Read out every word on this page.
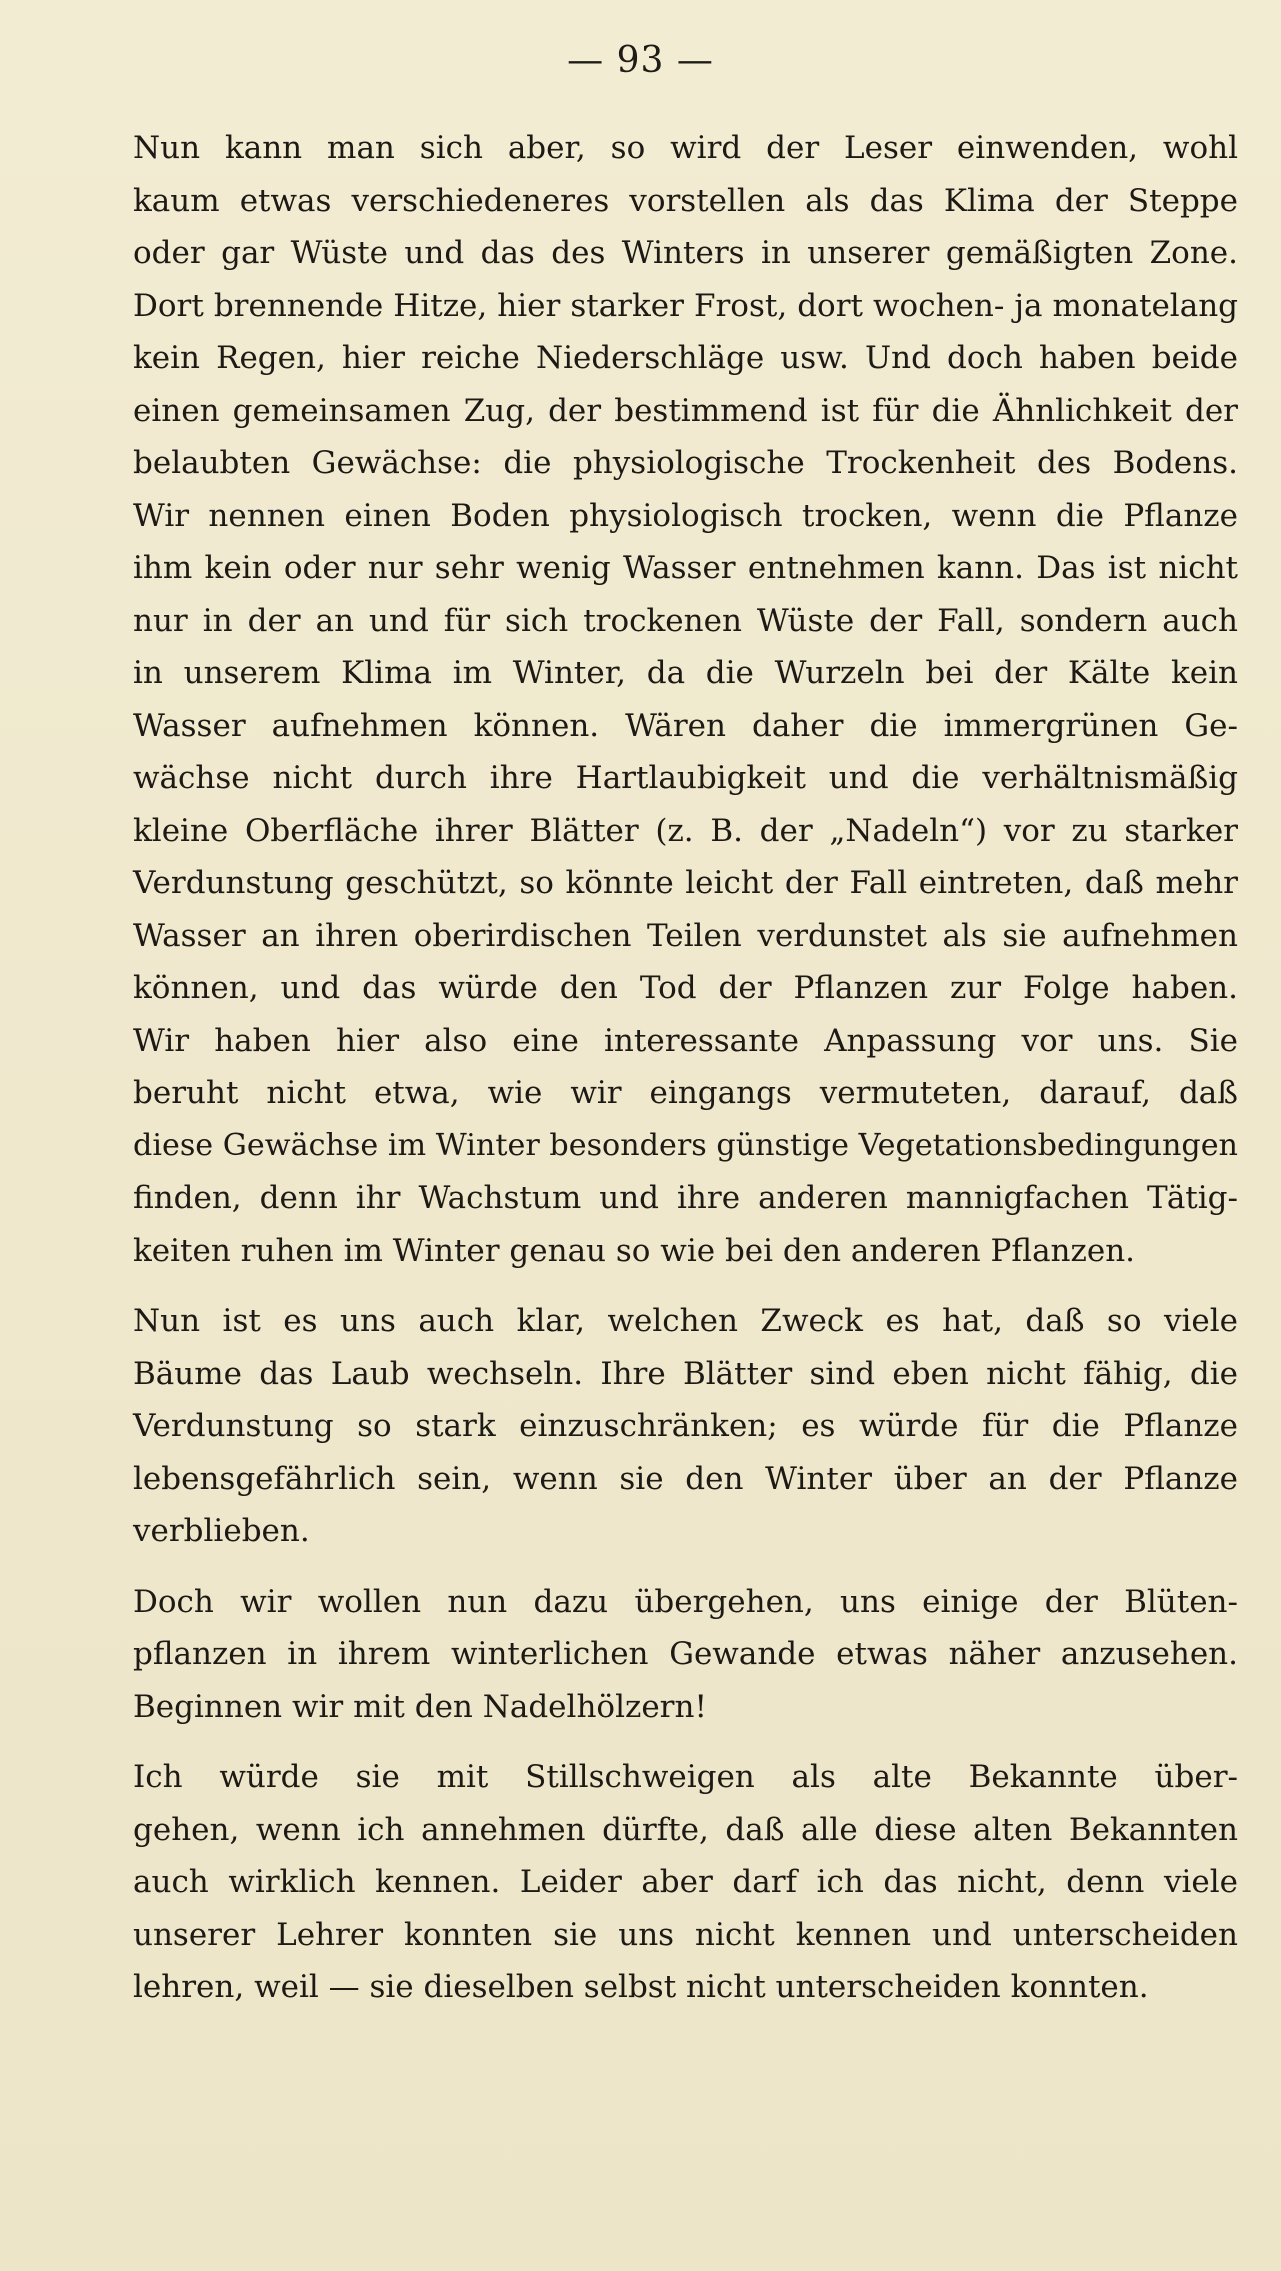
— 93 —
Nun kann man sich aber, so wird der Leser einwenden, wohl
kaum etwas verschiedeneres vorstellen als das Klima der Steppe
oder gar Wüste und das des Winters in unserer gemäßigten Zone.
Dort brennende Hitze, hier starker Frost, dort wochen- ja monatelang
kein Regen, hier reiche Niederschläge usw. Und doch haben beide
einen gemeinsamen Zug, der bestimmend ist für die Ähnlichkeit der
belaubten Gewächse: die physiologische Trockenheit des Bodens.
Wir nennen einen Boden physiologisch trocken, wenn die Pflanze
ihm kein oder nur sehr wenig Wasser entnehmen kann. Das ist nicht
nur in der an und für sich trockenen Wüste der Fall, sondern auch
in unserem Klima im Winter, da die Wurzeln bei der Kälte kein
Wasser aufnehmen können. Wären daher die immergrünen Ge-
wächse nicht durch ihre Hartlaubigkeit und die verhältnismäßig
kleine Oberfläche ihrer Blätter (z. B. der „Nadeln“) vor zu starker
Verdunstung geschützt, so könnte leicht der Fall eintreten, daß mehr
Wasser an ihren oberirdischen Teilen verdunstet als sie aufnehmen
können, und das würde den Tod der Pflanzen zur Folge haben.
Wir haben hier also eine interessante Anpassung vor uns. Sie
beruht nicht etwa, wie wir eingangs vermuteten, darauf, daß
diese Gewächse im Winter besonders günstige Vegetationsbedingungen
finden, denn ihr Wachstum und ihre anderen mannigfachen Tätig-
keiten ruhen im Winter genau so wie bei den anderen Pflanzen.
Nun ist es uns auch klar, welchen Zweck es hat, daß so viele
Bäume das Laub wechseln. Ihre Blätter sind eben nicht fähig, die
Verdunstung so stark einzuschränken; es würde für die Pflanze
lebensgefährlich sein, wenn sie den Winter über an der Pflanze
verblieben.
Doch wir wollen nun dazu übergehen, uns einige der Blüten-
pflanzen in ihrem winterlichen Gewande etwas näher anzusehen.
Beginnen wir mit den Nadelhölzern!
Ich würde sie mit Stillschweigen als alte Bekannte über-
gehen, wenn ich annehmen dürfte, daß alle diese alten Bekannten
auch wirklich kennen. Leider aber darf ich das nicht, denn viele
unserer Lehrer konnten sie uns nicht kennen und unterscheiden
lehren, weil — sie dieselben selbst nicht unterscheiden konnten.
